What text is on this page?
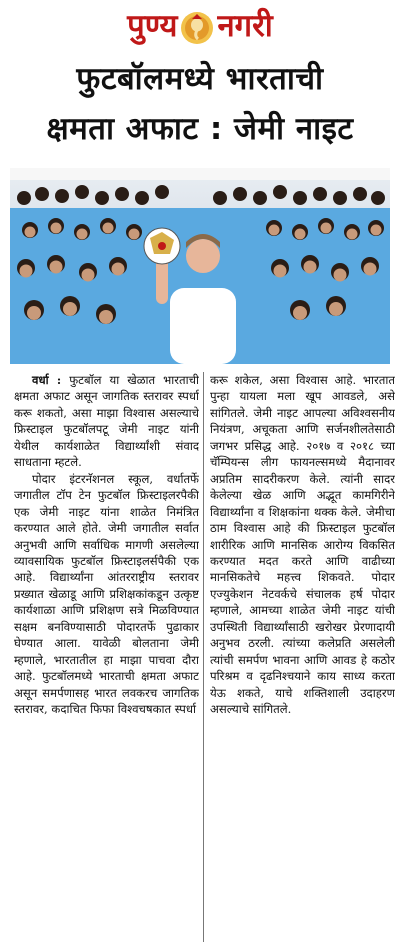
पुण्य नगरी
फुटबॉलमध्ये भारताची
क्षमता अफाट : जेमी नाइट

वर्धा : फुटबॉल या खेळात भारताची क्षमता अफाट असून जागतिक स्तरावर स्पर्धा करू शकतो, असा माझा विश्वास असल्याचे फ्रिस्टाइल फुटबॉलपटू जेमी नाइट यांनी येथील कार्यशाळेत विद्यार्थ्यांशी संवाद साधताना म्हटले.

पोदार इंटरनॅशनल स्कूल, वर्धातर्फे जगातील टॉप टेन फुटबॉल फ्रिस्टाइलरपैकी एक जेमी नाइट यांना शाळेत निमंत्रित करण्यात आले होते. जेमी जगातील सर्वात अनुभवी आणि सर्वाधिक मागणी असलेल्या व्यावसायिक फुटबॉल फ्रिस्टाइलर्सपैकी एक आहे. विद्यार्थ्यांना आंतरराष्ट्रीय स्तरावर प्रख्यात खेळाडू आणि प्रशिक्षकांकडून उत्कृष्ट कार्यशाळा आणि प्रशिक्षण सत्रे मिळविण्यात सक्षम बनविण्यासाठी पोदारतर्फे पुढाकार घेण्यात आला. यावेळी बोलताना जेमी म्हणाले, भारतातील हा माझा पाचवा दौरा आहे. फुटबॉलमध्ये भारताची क्षमता अफाट असून समर्पणासह भारत लवकरच जागतिक स्तरावर, कदाचित फिफा विश्वचषकात स्पर्धा

करू शकेल, असा विश्वास आहे. भारतात पुन्हा यायला मला खूप आवडले, असे सांगितले. जेमी नाइट आपल्या अविश्वसनीय नियंत्रण, अचूकता आणि सर्जनशीलतेसाठी जगभर प्रसिद्ध आहे. २०१७ व २०१८ च्या चॅम्पियन्स लीग फायनल्समध्ये मैदानावर अप्रतिम सादरीकरण केले. त्यांनी सादर केलेल्या खेळ आणि अद्भूत कामगिरीने विद्यार्थ्यांना व शिक्षकांना थक्क केले. जेमीचा ठाम विश्वास आहे की फ्रिस्टाइल फुटबॉल शारीरिक आणि मानसिक आरोग्य विकसित करण्यात मदत करते आणि वाढीच्या मानसिकतेचे महत्त्व शिकवते. पोदार एज्युकेशन नेटवर्कचे संचालक हर्ष पोदार म्हणाले, आमच्या शाळेत जेमी नाइट यांची उपस्थिती विद्यार्थ्यांसाठी खरोखर प्रेरणादायी अनुभव ठरली. त्यांच्या कलेप्रति असलेली त्यांची समर्पण भावना आणि आवड हे कठोर परिश्रम व दृढनिश्चयाने काय साध्य करता येऊ शकते, याचे शक्तिशाली उदाहरण असल्याचे सांगितले.
